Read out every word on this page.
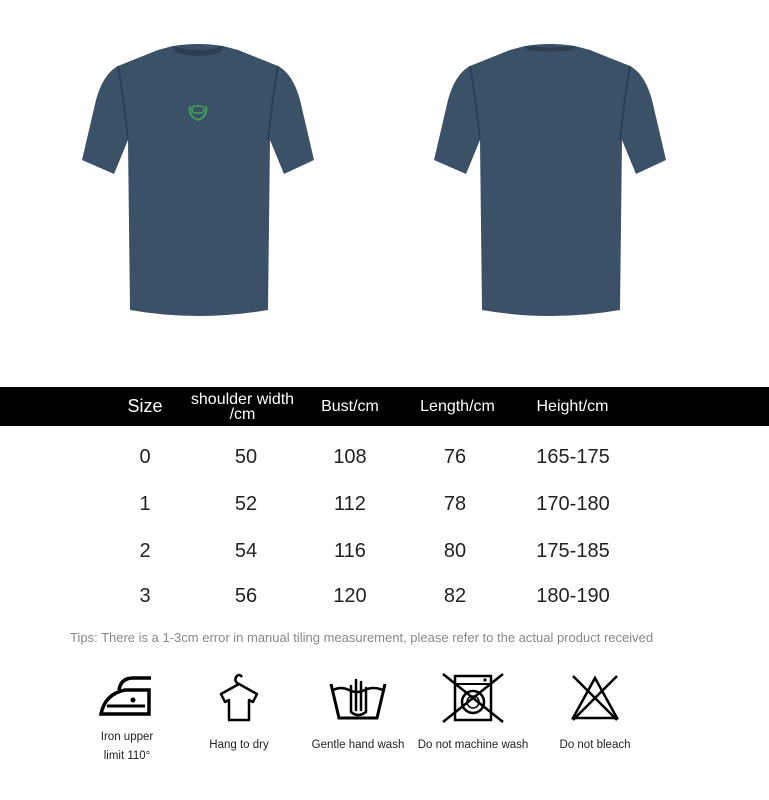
Size	shoulder width /cm	Bust/cm	Length/cm	Height/cm
0	50	108	76	165-175
1	52	112	78	170-180
2	54	116	80	175-185
3	56	120	82	180-190
Tips: There is a 1-3cm error in manual tiling measurement, please refer to the actual product received
Iron upper
limit 110°
Hang to dry	Gentle hand wash	Do not machine wash	Do not bleach
